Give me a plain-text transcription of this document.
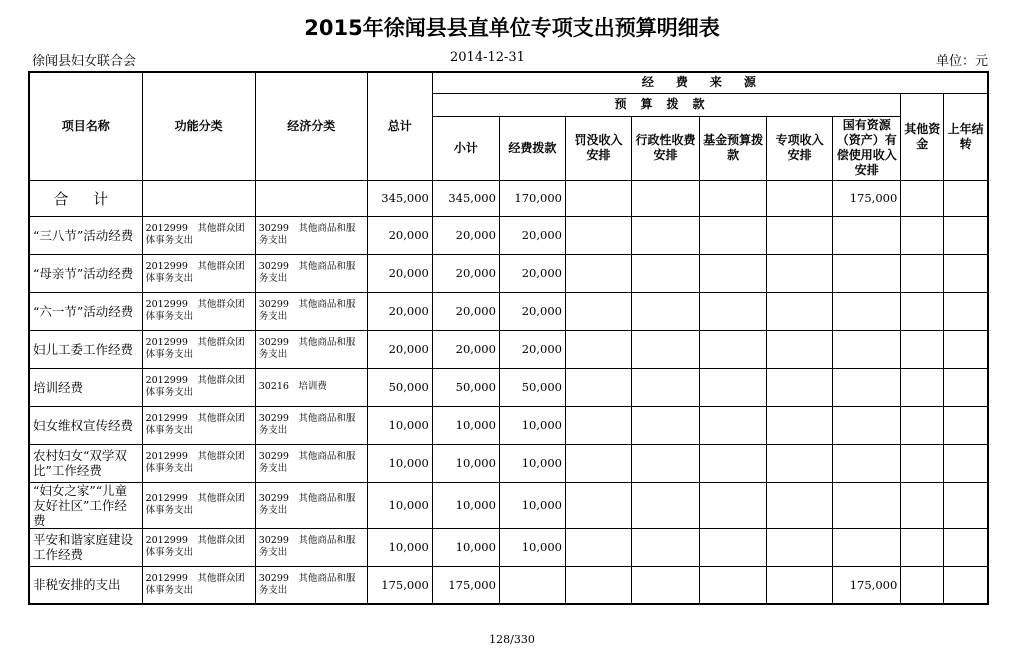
2015年徐闻县县直单位专项支出预算明细表
徐闻县妇女联合会	2014-12-31	单位：元
项目名称	功能分类	经济分类	总计	经费来源								
				预算拨款							其他资金	上年结转
				小计	经费拨款	罚没收入安排	行政性收费安排	基金预算拨款	专项收入安排	国有资源（资产）有偿使用收入安排		
合 计			345,000	345,000	170,000					175,000		
“三八节”活动经费	2012999　其他群众团体事务支出	30299　其他商品和服务支出	20,000	20,000	20,000							
“母亲节”活动经费	2012999　其他群众团体事务支出	30299　其他商品和服务支出	20,000	20,000	20,000							
“六一节”活动经费	2012999　其他群众团体事务支出	30299　其他商品和服务支出	20,000	20,000	20,000							
妇儿工委工作经费	2012999　其他群众团体事务支出	30299　其他商品和服务支出	20,000	20,000	20,000							
培训经费	2012999　其他群众团体事务支出	30216　培训费	50,000	50,000	50,000							
妇女维权宣传经费	2012999　其他群众团体事务支出	30299　其他商品和服务支出	10,000	10,000	10,000							
农村妇女“双学双比”工作经费	2012999　其他群众团体事务支出	30299　其他商品和服务支出	10,000	10,000	10,000							
“妇女之家”“儿童友好社区”工作经费	2012999　其他群众团体事务支出	30299　其他商品和服务支出	10,000	10,000	10,000							
平安和谐家庭建设工作经费	2012999　其他群众团体事务支出	30299　其他商品和服务支出	10,000	10,000	10,000							
非税安排的支出	2012999　其他群众团体事务支出	30299　其他商品和服务支出	175,000	175,000						175,000		
128/330
